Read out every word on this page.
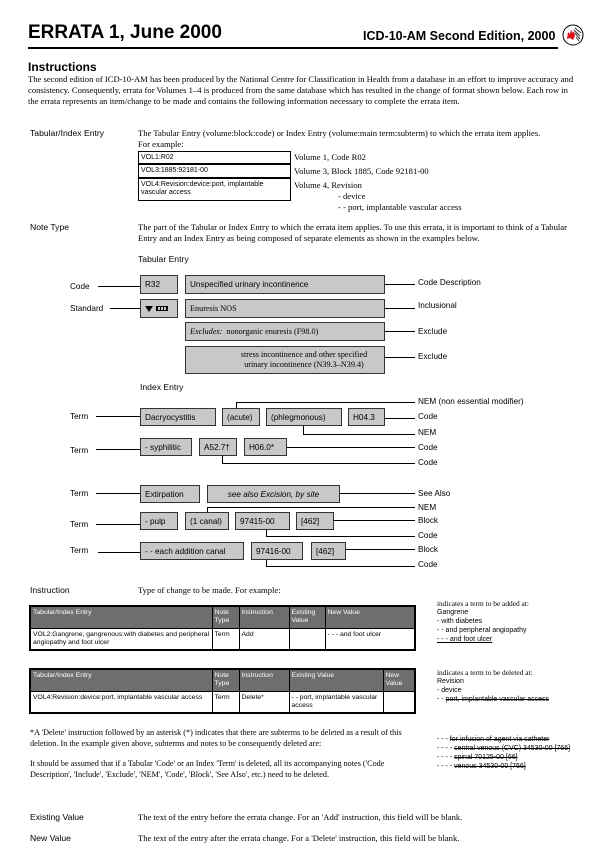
ERRATA 1, June 2000	ICD-10-AM Second Edition, 2000
Instructions
The second edition of ICD-10-AM has been produced by the National Centre for Classification in Health from a database in an effort to improve accuracy and consistency. Consequently, errata for Volumes 1–4 is produced from the same database which has resulted in the change of format shown below. Each row in the errata represents an item/change to be made and contains the following information necessary to complete the errata item.
Tabular/Index Entry	The Tabular Entry (volume:block:code) or Index Entry (volume:main term:subterm) to which the errata item applies.
For example:
VOL1:R02	Volume 1, Code R02
VOL3:1885:92181-00	Volume 3, Block 1885, Code 92181-00
VOL4:Revision:device:port, implantable vascular access
Volume 4, Revision
- device
- - port, implantable vascular access
Note Type	The part of the Tabular or Index Entry to which the errata item applies. To use this errata, it is important to think of a Tabular Entry and an Index Entry as being composed of separate elements as shown in the examples below.
Tabular Entry
Code	R32
Standard
Unspecified urinary incontinence
Enuresis NOS
Excludes:
nonorganic enuresis (F98.0)
stress incontinence and other specified urinary incontinence (N39.3–N39.4)
Code Description
Inclusional
Exclude
Exclude
Index Entry
Term	Dacryocystitis	(acute)	(phlegmonous)	H04.3
NEM (non essential modifier)
Code
NEM
Term	- syphilitic	A52.7†	H06.0*	Code
Code
Term	Extirpation	see also Excision, by site	See Also
NEM
Term	- pulp	(1 canal)	97415-00	[462]	Block
Code
Term	- - each addition canal	97416-00	[462]	Block
Code
Instruction	Type of change to be made. For example:
Tabular/Index Entry	Note Type	Instruction	Existing Value	New Value
VOL2:Gangrene, gangrenous:with diabetes and peripheral angiopathy and foot ulcer	Term	Add		- - - and foot ulcer
indicates a term to be added at:
Gangrene
- with diabetes
- - and peripheral angiopathy
- - - and foot ulcer
Tabular/Index Entry	Note Type	Instruction	Existing Value	New Value
VOL4:Revision:device:port, implantable vascular access	Term	Delete*	- - port, implantable vascular access	
indicates a term to be deleted at:
Revision
- device
- - port, implantable vascular access
*A 'Delete' instruction followed by an asterisk (*) indicates that there are subterms to be deleted as a result of this deletion. In the example given above, subterms and notes to be consequently deleted are:	- - - for infusion of agent via catheter
- - - - central venous (CVC) 34530-00 [766]
- - - - spinal 70125-00 [66]
- - - - venous 34530-00 [766]
It should be assumed that if a Tabular 'Code' or an Index 'Term' is deleted, all its accompanying notes ('Code Description', 'Include', 'Exclude', 'NEM', 'Code', 'Block', 'See Also', etc.) need to be deleted.
Existing Value	The text of the entry before the errata change. For an 'Add' instruction, this field will be blank.
New Value	The text of the entry after the errata change. For a 'Delete' instruction, this field will be blank.
